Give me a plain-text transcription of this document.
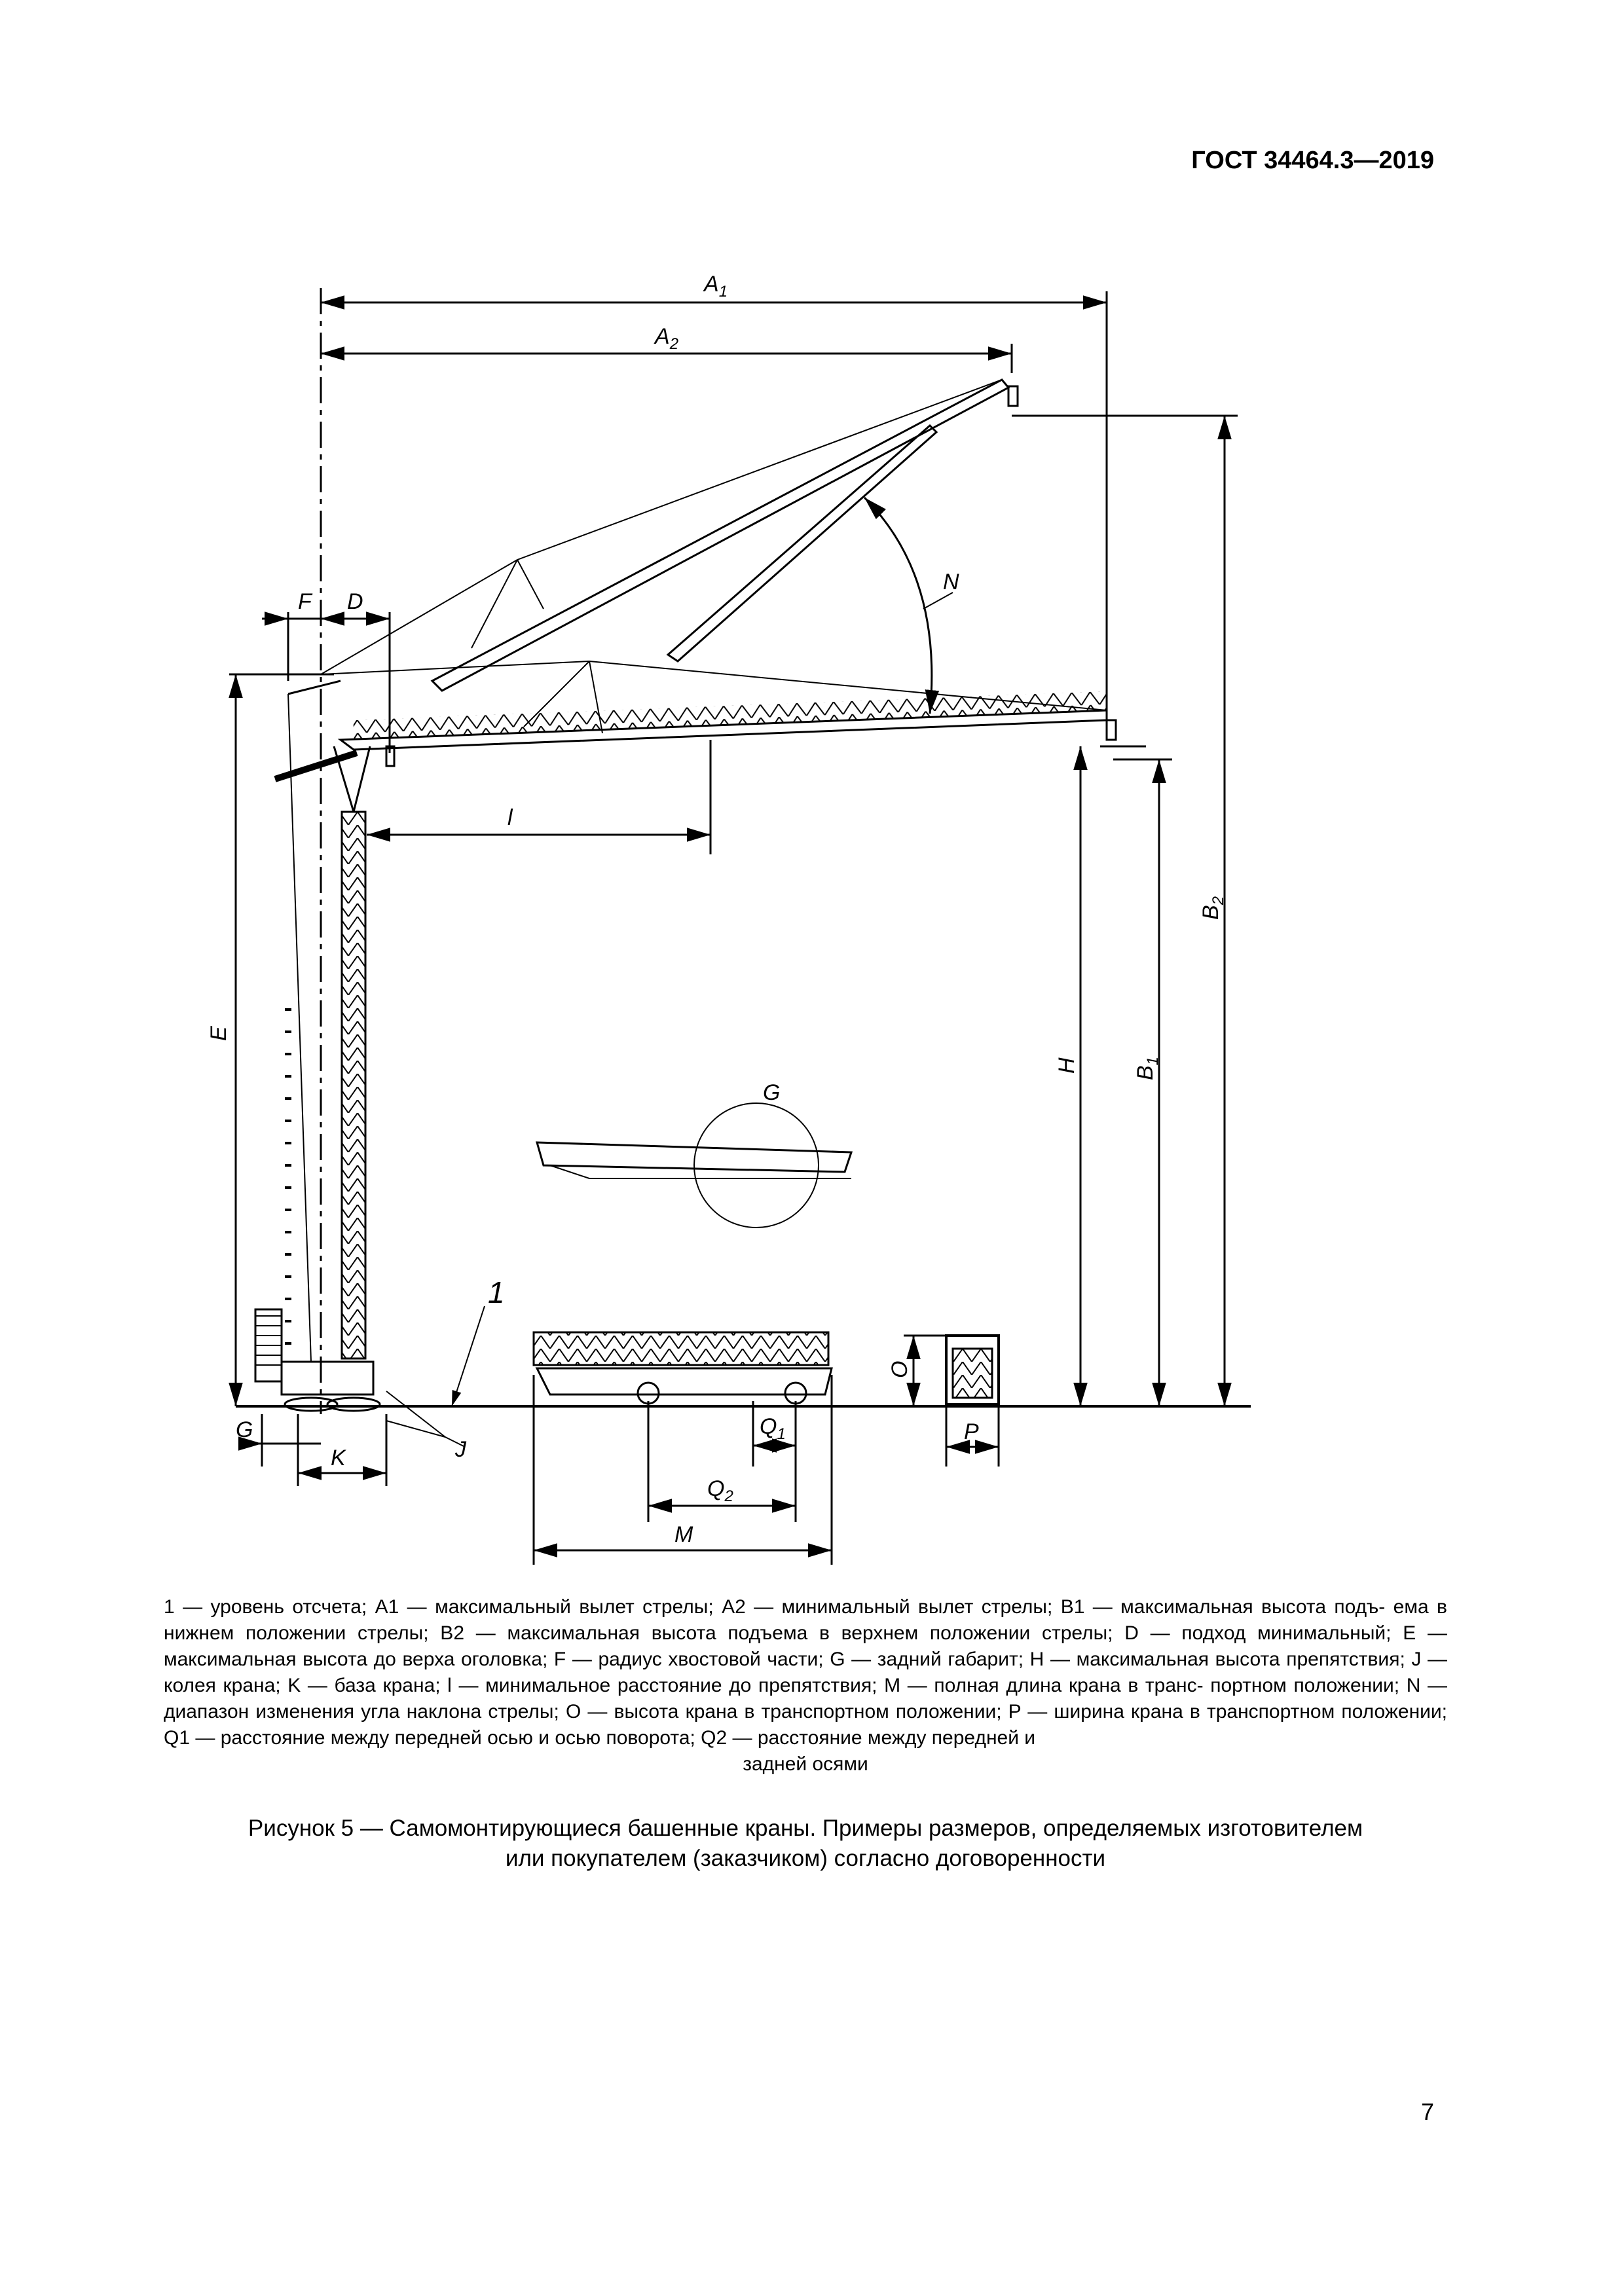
ГОСТ 34464.3—2019
$A_1$
$A_2$
F D
N
l
G
E
H $B_1$
$B_2$
O
P
$Q_1$
$Q_2$
M
G
K	J
1
1 — уровень отсчета; A1 — максимальный вылет стрелы; A2 — минимальный вылет стрелы; B1 — максимальная высота подъ- ема в нижнем положении стрелы; B2 — максимальная высота подъема в верхнем положении стрелы; D — подход минимальный; E — максимальная высота до верха оголовка; F — радиус хвостовой части; G — задний габарит; H — максимальная высота препятствия; J — колея крана; K — база крана; l — минимальное расстояние до препятствия; M — полная длина крана в транс- портном положении; N — диапазон изменения угла наклона стрелы; O — высота крана в транспортном положении; P — ширина крана в транспортном положении; Q1 — расстояние между передней осью и осью поворота; Q2 — расстояние между передней и
задней осями
Рисунок 5 — Самомонтирующиеся башенные краны. Примеры размеров, определяемых изготовителем
или покупателем (заказчиком) согласно договоренности
7
